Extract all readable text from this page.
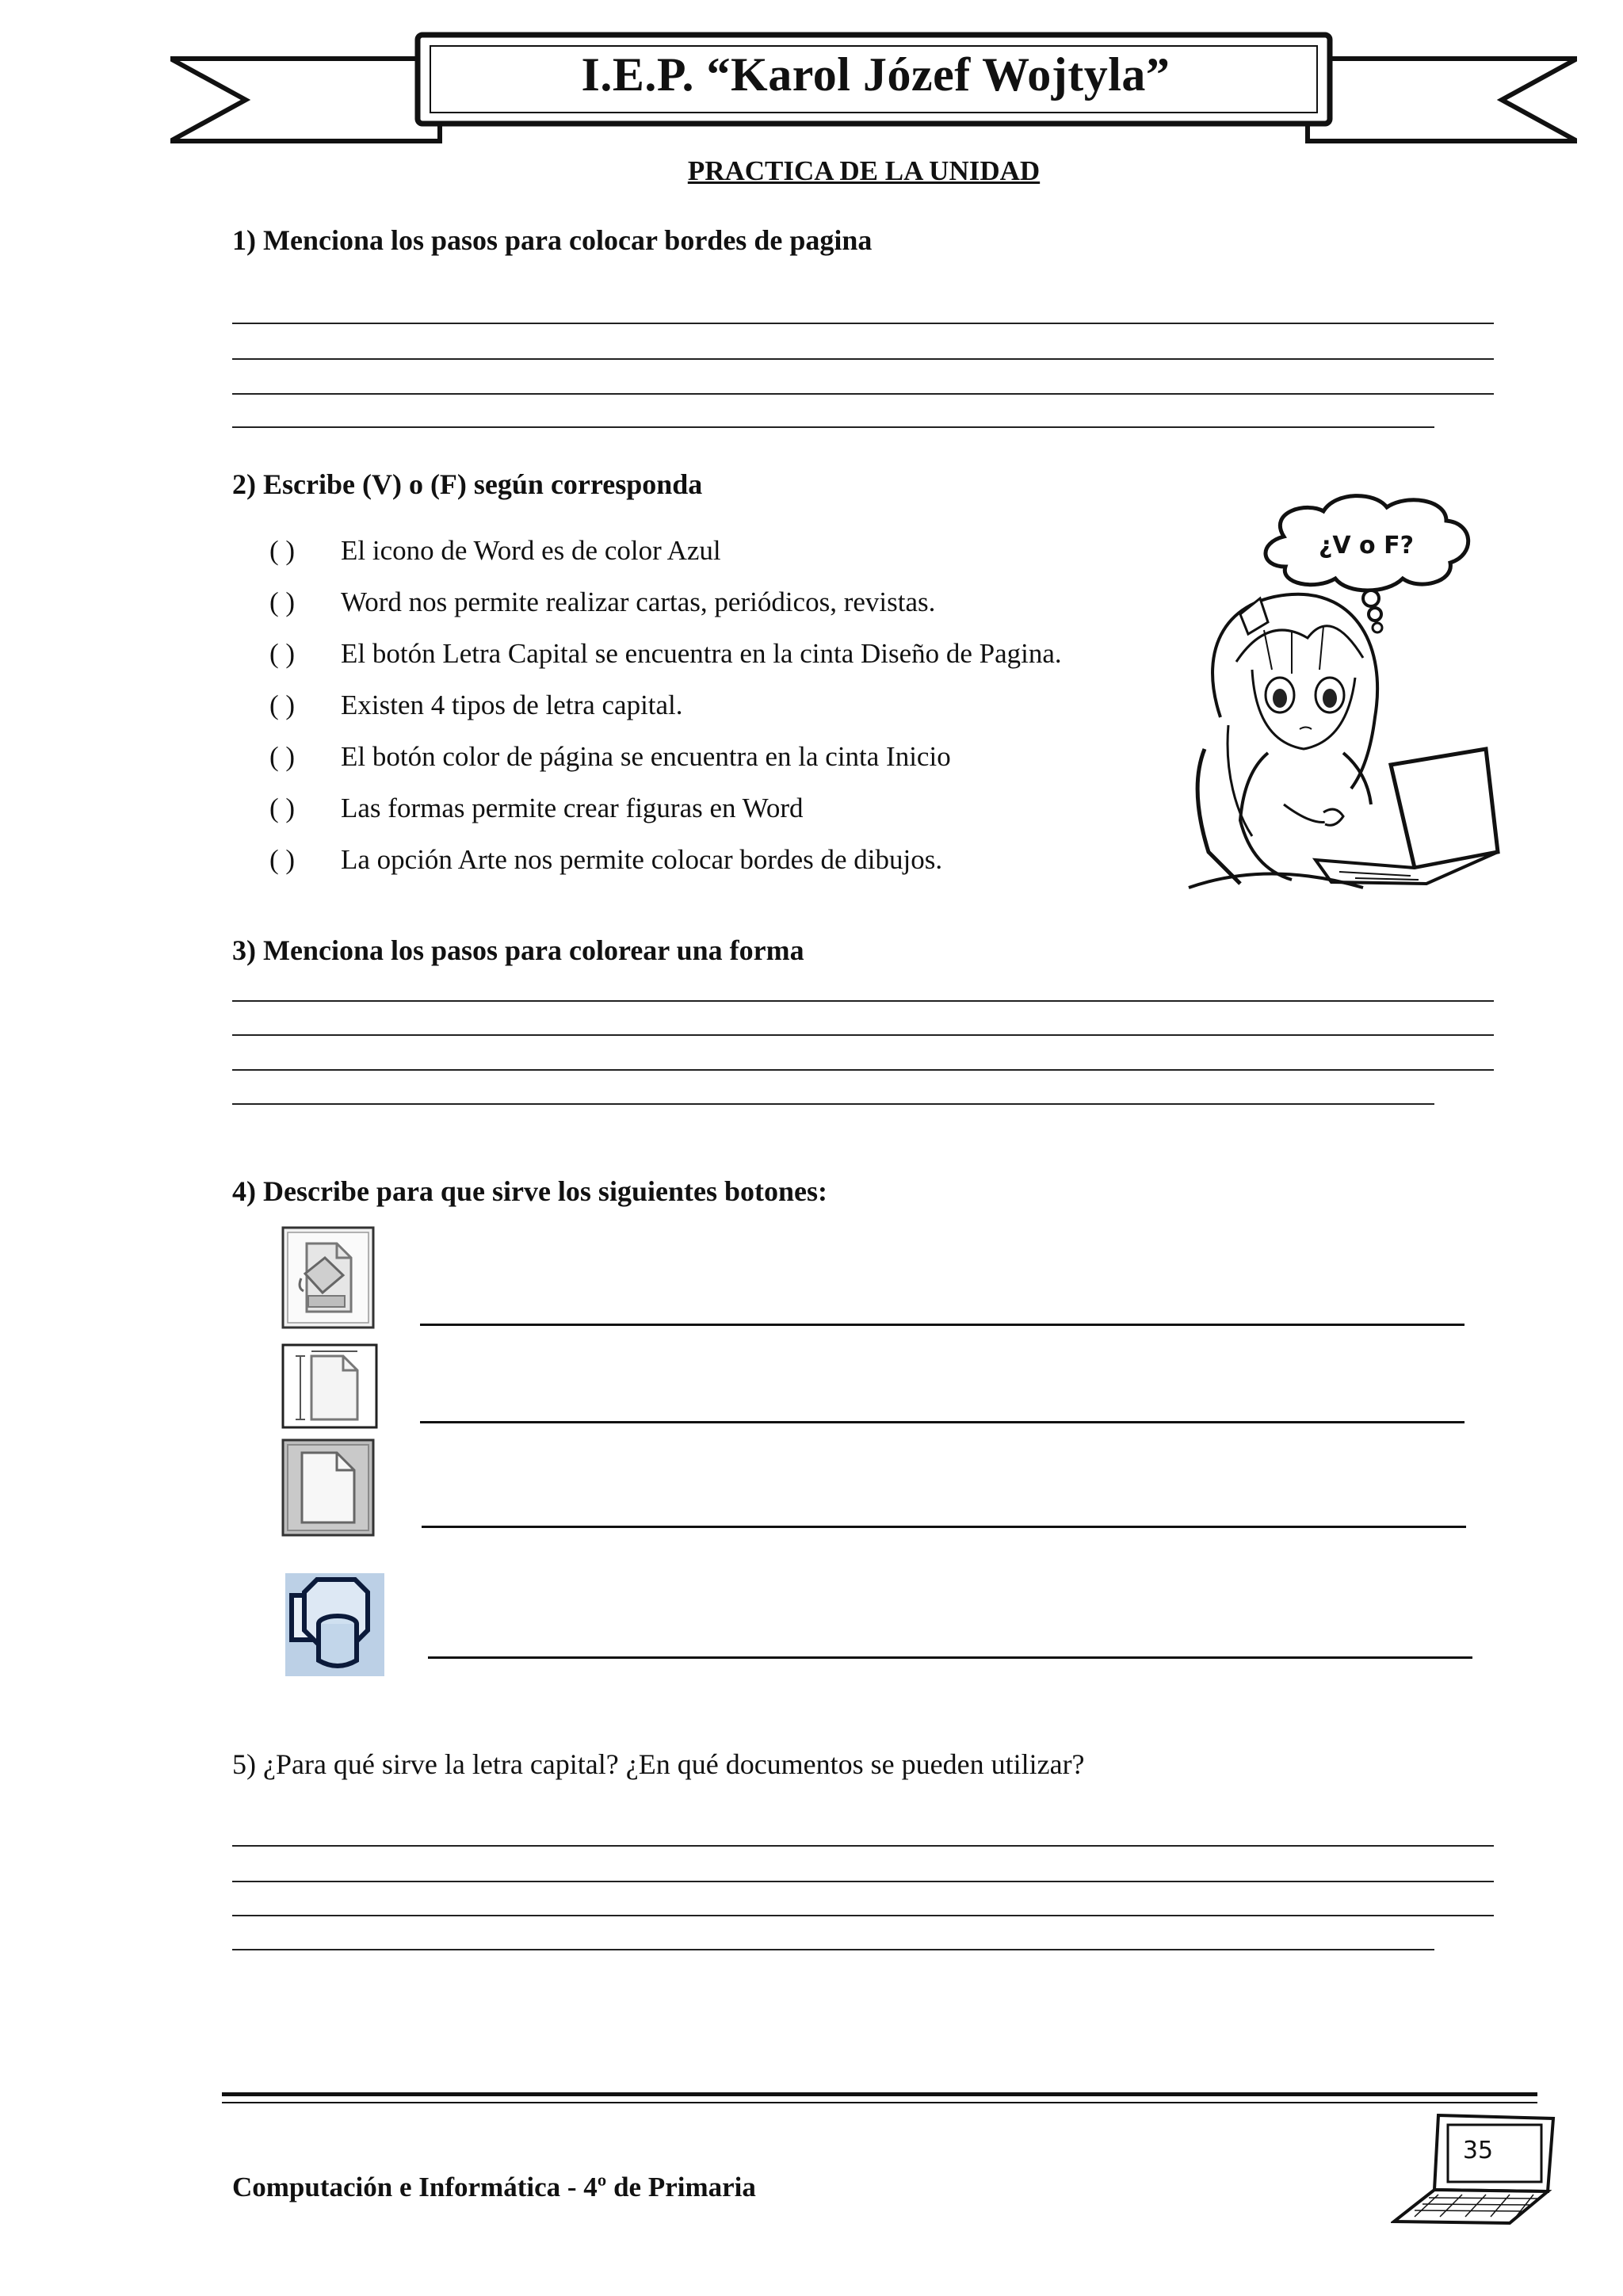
I.E.P. “Karol Józef Wojtyla”
PRACTICA DE LA UNIDAD
1) Menciona los pasos para colocar bordes de pagina
2) Escribe (V) o (F) según corresponda
( ) El icono de Word es de color Azul
( ) Word nos permite realizar cartas, periódicos, revistas.
( ) El botón Letra Capital se encuentra en la cinta Diseño de Pagina.
( ) Existen 4 tipos de letra capital.
( ) El botón color de página se encuentra en la cinta Inicio
( ) Las formas permite crear figuras en Word
( ) La opción Arte nos permite colocar bordes de dibujos.
¿V o F?
3) Menciona los pasos para colorear una forma
4) Describe para que sirve los siguientes botones:
5) ¿Para qué sirve la letra capital? ¿En qué documentos se pueden utilizar?
Computación e Informática - 4º de Primaria
35
